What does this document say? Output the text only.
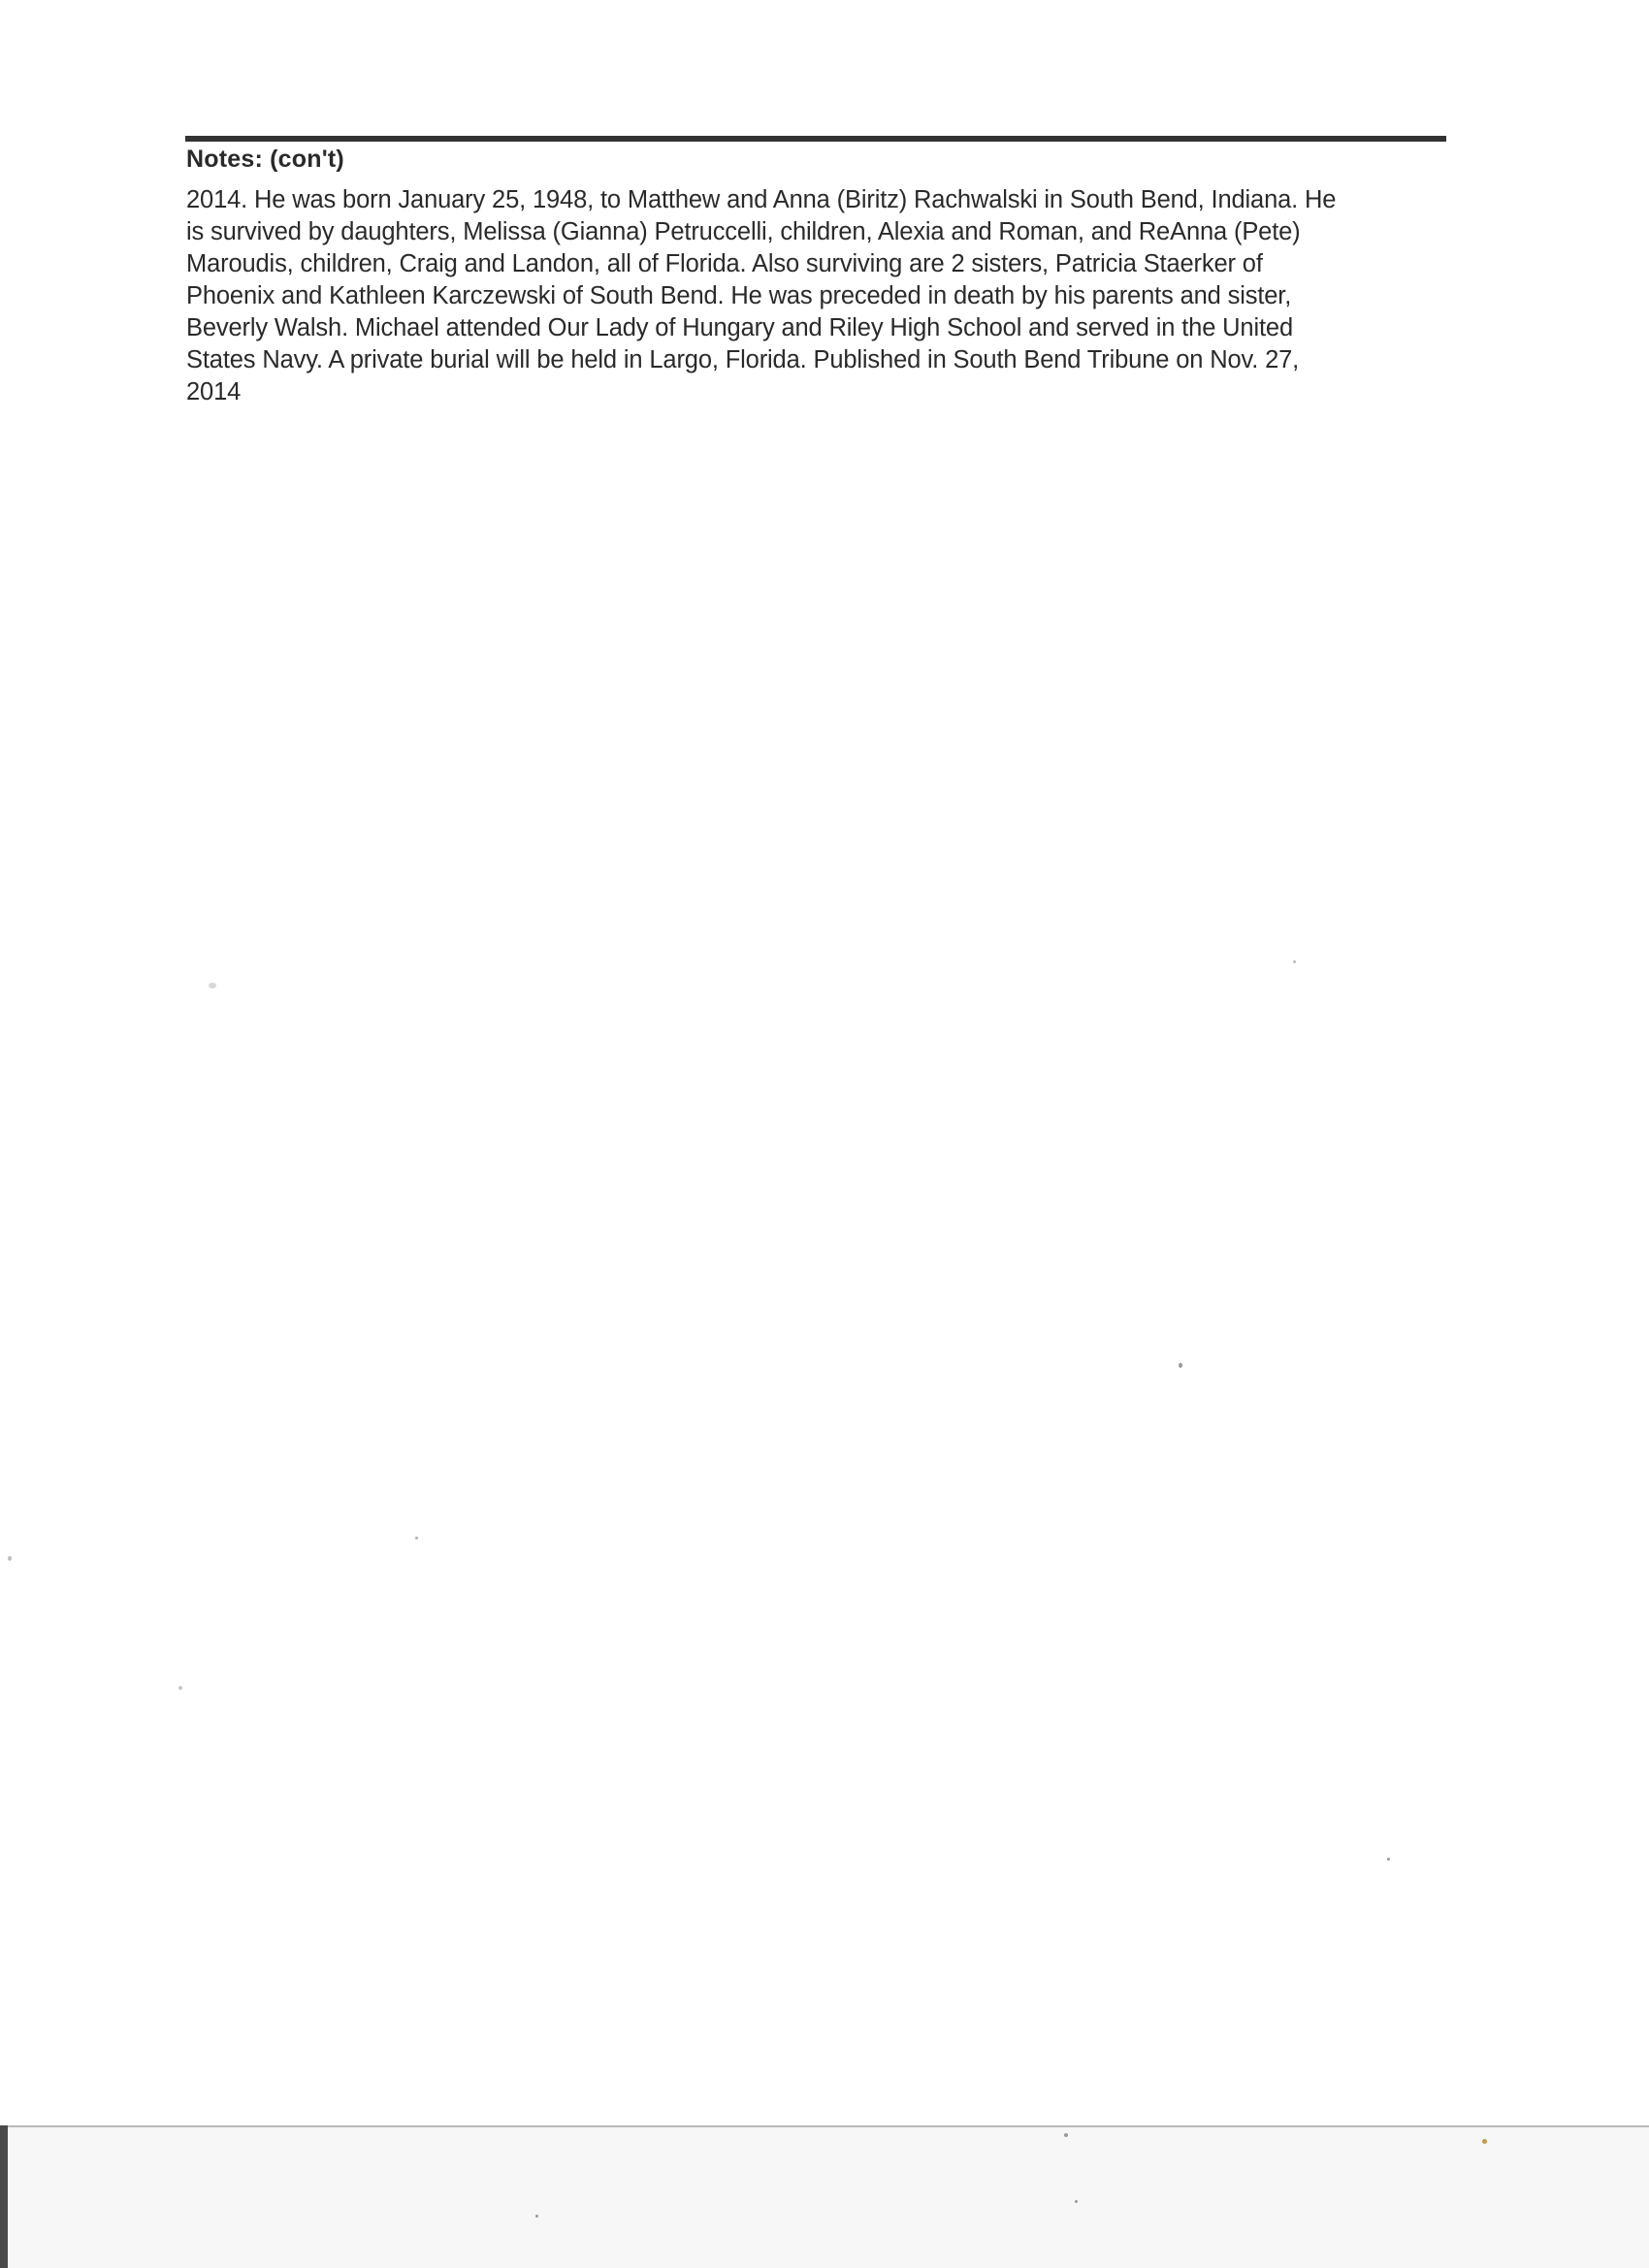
Notes: (con't)
2014. He was born January 25, 1948, to Matthew and Anna (Biritz) Rachwalski in South Bend, Indiana. He
is survived by daughters, Melissa (Gianna) Petruccelli, children, Alexia and Roman, and ReAnna (Pete)
Maroudis, children, Craig and Landon, all of Florida. Also surviving are 2 sisters, Patricia Staerker of
Phoenix and Kathleen Karczewski of South Bend. He was preceded in death by his parents and sister,
Beverly Walsh. Michael attended Our Lady of Hungary and Riley High School and served in the United
States Navy. A private burial will be held in Largo, Florida. Published in South Bend Tribune on Nov. 27,
2014
